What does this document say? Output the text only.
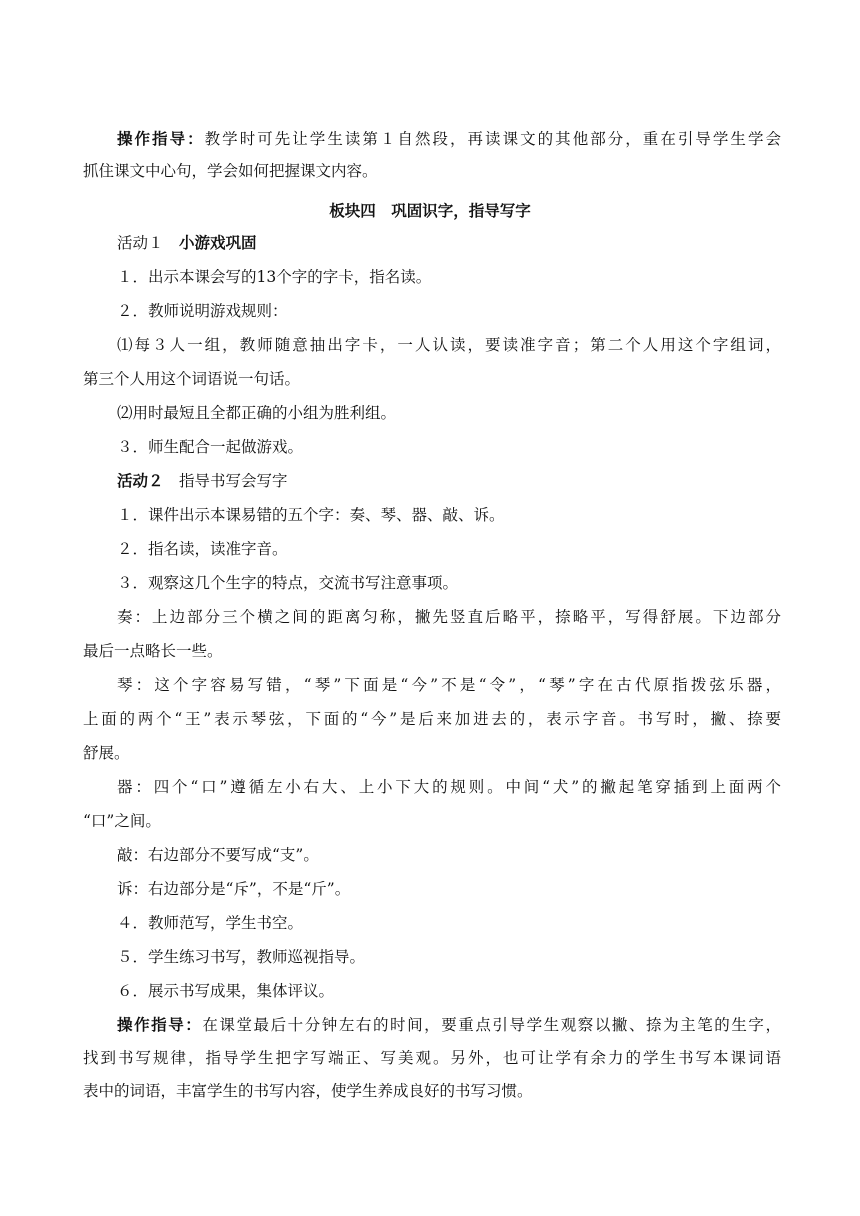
操作指导：教学时可先让学生读第１自然段，再读课文的其他部分，重在引导学生学会
抓住课文中心句，学会如何把握课文内容。
板块四　巩固识字，指导写字
活动１　 小游戏巩固
１．出示本课会写的13个字的字卡，指名读。
２．教师说明游戏规则：
⑴每３人一组，教师随意抽出字卡，一人认读，要读准字音；第二个人用这个字组词，
第三个人用这个词语说一句话。
⑵用时最短且全都正确的小组为胜利组。
３．师生配合一起做游戏。
活动２　 指导书写会写字
１．课件出示本课易错的五个字：奏、琴、器、敲、诉。
２．指名读，读准字音。
３．观察这几个生字的特点，交流书写注意事项。
奏：上边部分三个横之间的距离匀称，撇先竖直后略平，捺略平，写得舒展。下边部分
最后一点略长一些。
琴：这个字容易写错，“琴”下面是“今”不是“令”，“琴”字在古代原指拨弦乐器，
上面的两个“王”表示琴弦，下面的“今”是后来加进去的，表示字音。书写时，撇、捺要
舒展。
器：四个“口”遵循左小右大、上小下大的规则。中间“犬”的撇起笔穿插到上面两个
“口”之间。
敲：右边部分不要写成“支”。
诉：右边部分是“斥”，不是“斤”。
４．教师范写，学生书空。
５．学生练习书写，教师巡视指导。
６．展示书写成果，集体评议。
操作指导：在课堂最后十分钟左右的时间，要重点引导学生观察以撇、捺为主笔的生字，
找到书写规律，指导学生把字写端正、写美观。另外，也可让学有余力的学生书写本课词语
表中的词语，丰富学生的书写内容，使学生养成良好的书写习惯。
